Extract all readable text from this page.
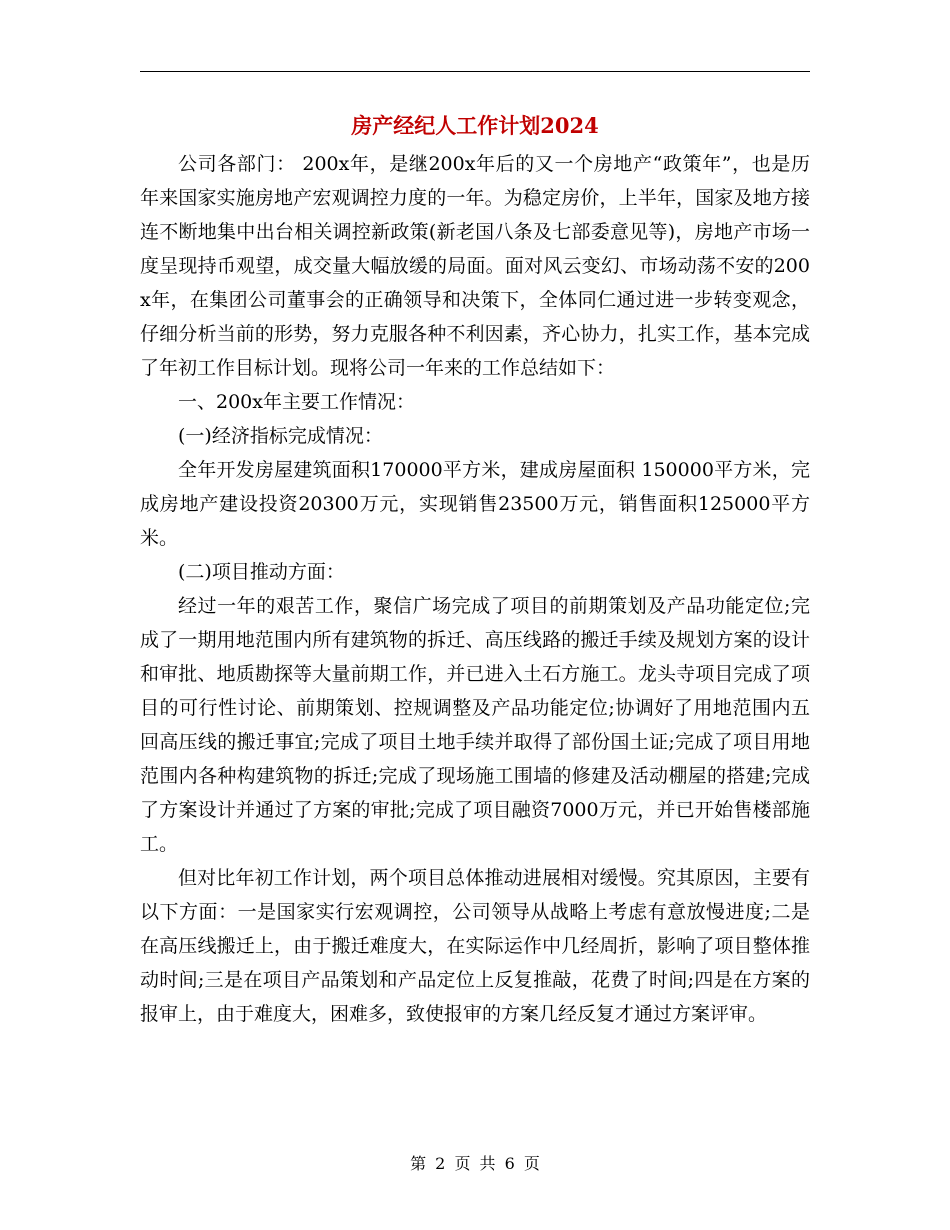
房产经纪人工作计划2024

公司各部门： 200x年，是继200x年后的又一个房地产“政策年”，也是历年来国家实施房地产宏观调控力度的一年。为稳定房价，上半年，国家及地方接连不断地集中出台相关调控新政策(新老国八条及七部委意见等)，房地产市场一度呈现持币观望，成交量大幅放缓的局面。面对风云变幻、市场动荡不安的200x年，在集团公司董事会的正确领导和决策下，全体同仁通过进一步转变观念，仔细分析当前的形势，努力克服各种不利因素，齐心协力，扎实工作，基本完成了年初工作目标计划。现将公司一年来的工作总结如下：

一、200x年主要工作情况：

(一)经济指标完成情况：

全年开发房屋建筑面积170000平方米，建成房屋面积 150000平方米，完成房地产建设投资20300万元，实现销售23500万元，销售面积125000平方米。

(二)项目推动方面：

经过一年的艰苦工作，聚信广场完成了项目的前期策划及产品功能定位;完成了一期用地范围内所有建筑物的拆迁、高压线路的搬迁手续及规划方案的设计和审批、地质勘探等大量前期工作，并已进入土石方施工。龙头寺项目完成了项目的可行性讨论、前期策划、控规调整及产品功能定位;协调好了用地范围内五回高压线的搬迁事宜;完成了项目土地手续并取得了部份国土证;完成了项目用地范围内各种构建筑物的拆迁;完成了现场施工围墙的修建及活动棚屋的搭建;完成了方案设计并通过了方案的审批;完成了项目融资7000万元，并已开始售楼部施工。

但对比年初工作计划，两个项目总体推动进展相对缓慢。究其原因，主要有以下方面：一是国家实行宏观调控，公司领导从战略上考虑有意放慢进度;二是在高压线搬迁上，由于搬迁难度大，在实际运作中几经周折，影响了项目整体推动时间;三是在项目产品策划和产品定位上反复推敲，花费了时间;四是在方案的报审上，由于难度大，困难多，致使报审的方案几经反复才通过方案评审。

第 2 页 共 6 页
